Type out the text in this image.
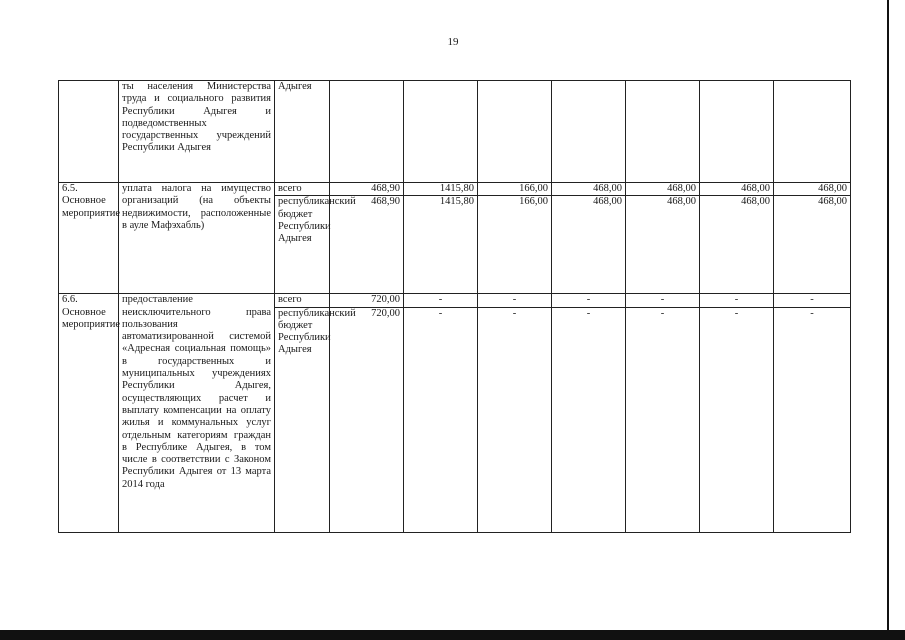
19
	ты населения Министерства труда и социального развития Республики Адыгея и подведомственных государственных учреждений Республики Адыгея	Адыгея							
6.5. Основное мероприятие	уплата налога на имущество организаций (на объекты недвижимости, расположенные в ауле Мафэхабль)	всего	468,90	1415,80	166,00	468,00	468,00	468,00	468,00
		республиканский бюджет Республики Адыгея	468,90	1415,80	166,00	468,00	468,00	468,00	468,00
6.6. Основное мероприятие	предоставление неисключительного права пользования автоматизированной системой «Адресная социальная помощь» в государственных и муниципальных учреждениях Республики Адыгея, осуществляющих расчет и выплату компенсации на оплату жилья и коммунальных услуг отдельным категориям граждан в Республике Адыгея, в том числе в соответствии с Законом Республики Адыгея от 13 марта 2014 года	всего	720,00	-	-	-	-	-	-
		республиканский бюджет Республики Адыгея	720,00	-	-	-	-	-	-
